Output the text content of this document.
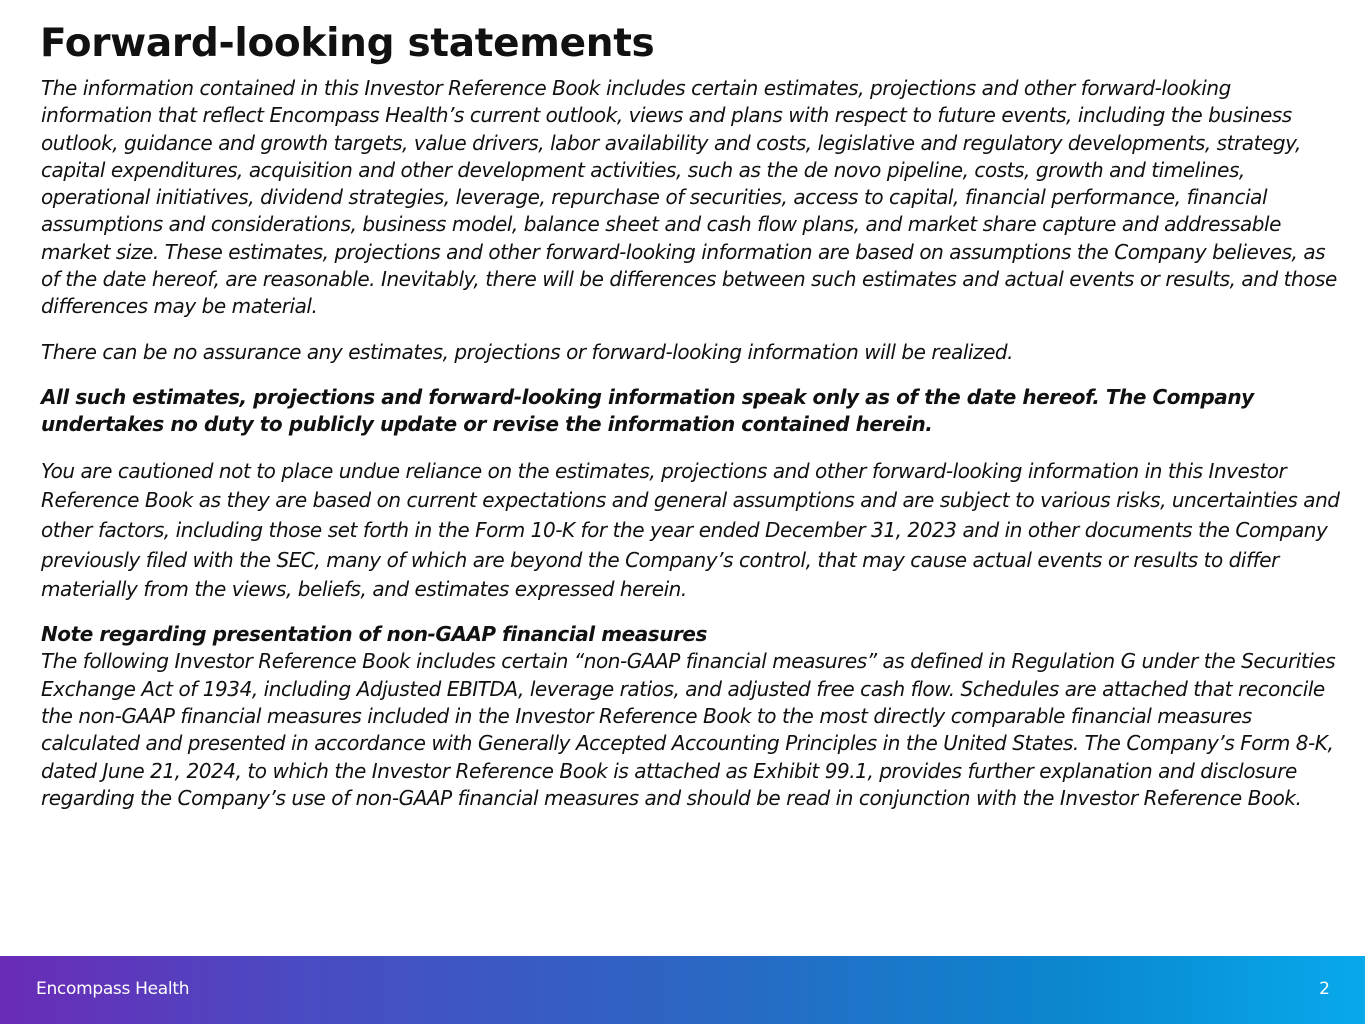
Forward-looking statements

The information contained in this Investor Reference Book includes certain estimates, projections and other forward-looking information that reflect Encompass Health’s current outlook, views and plans with respect to future events, including the business outlook, guidance and growth targets, value drivers, labor availability and costs, legislative and regulatory developments, strategy, capital expenditures, acquisition and other development activities, such as the de novo pipeline, costs, growth and timelines, operational initiatives, dividend strategies, leverage, repurchase of securities, access to capital, financial performance, financial assumptions and considerations, business model, balance sheet and cash flow plans, and market share capture and addressable market size. These estimates, projections and other forward-looking information are based on assumptions the Company believes, as of the date hereof, are reasonable. Inevitably, there will be differences between such estimates and actual events or results, and those differences may be material.

There can be no assurance any estimates, projections or forward-looking information will be realized.

All such estimates, projections and forward-looking information speak only as of the date hereof. The Company undertakes no duty to publicly update or revise the information contained herein.

You are cautioned not to place undue reliance on the estimates, projections and other forward-looking information in this Investor Reference Book as they are based on current expectations and general assumptions and are subject to various risks, uncertainties and other factors, including those set forth in the Form 10-K for the year ended December 31, 2023 and in other documents the Company previously filed with the SEC, many of which are beyond the Company’s control, that may cause actual events or results to differ materially from the views, beliefs, and estimates expressed herein.

Note regarding presentation of non-GAAP financial measures
The following Investor Reference Book includes certain “non-GAAP financial measures” as defined in Regulation G under the Securities Exchange Act of 1934, including Adjusted EBITDA, leverage ratios, and adjusted free cash flow. Schedules are attached that reconcile the non-GAAP financial measures included in the Investor Reference Book to the most directly comparable financial measures calculated and presented in accordance with Generally Accepted Accounting Principles in the United States. The Company’s Form 8-K, dated June 21, 2024, to which the Investor Reference Book is attached as Exhibit 99.1, provides further explanation and disclosure regarding the Company’s use of non-GAAP financial measures and should be read in conjunction with the Investor Reference Book.
Encompass Health	2
